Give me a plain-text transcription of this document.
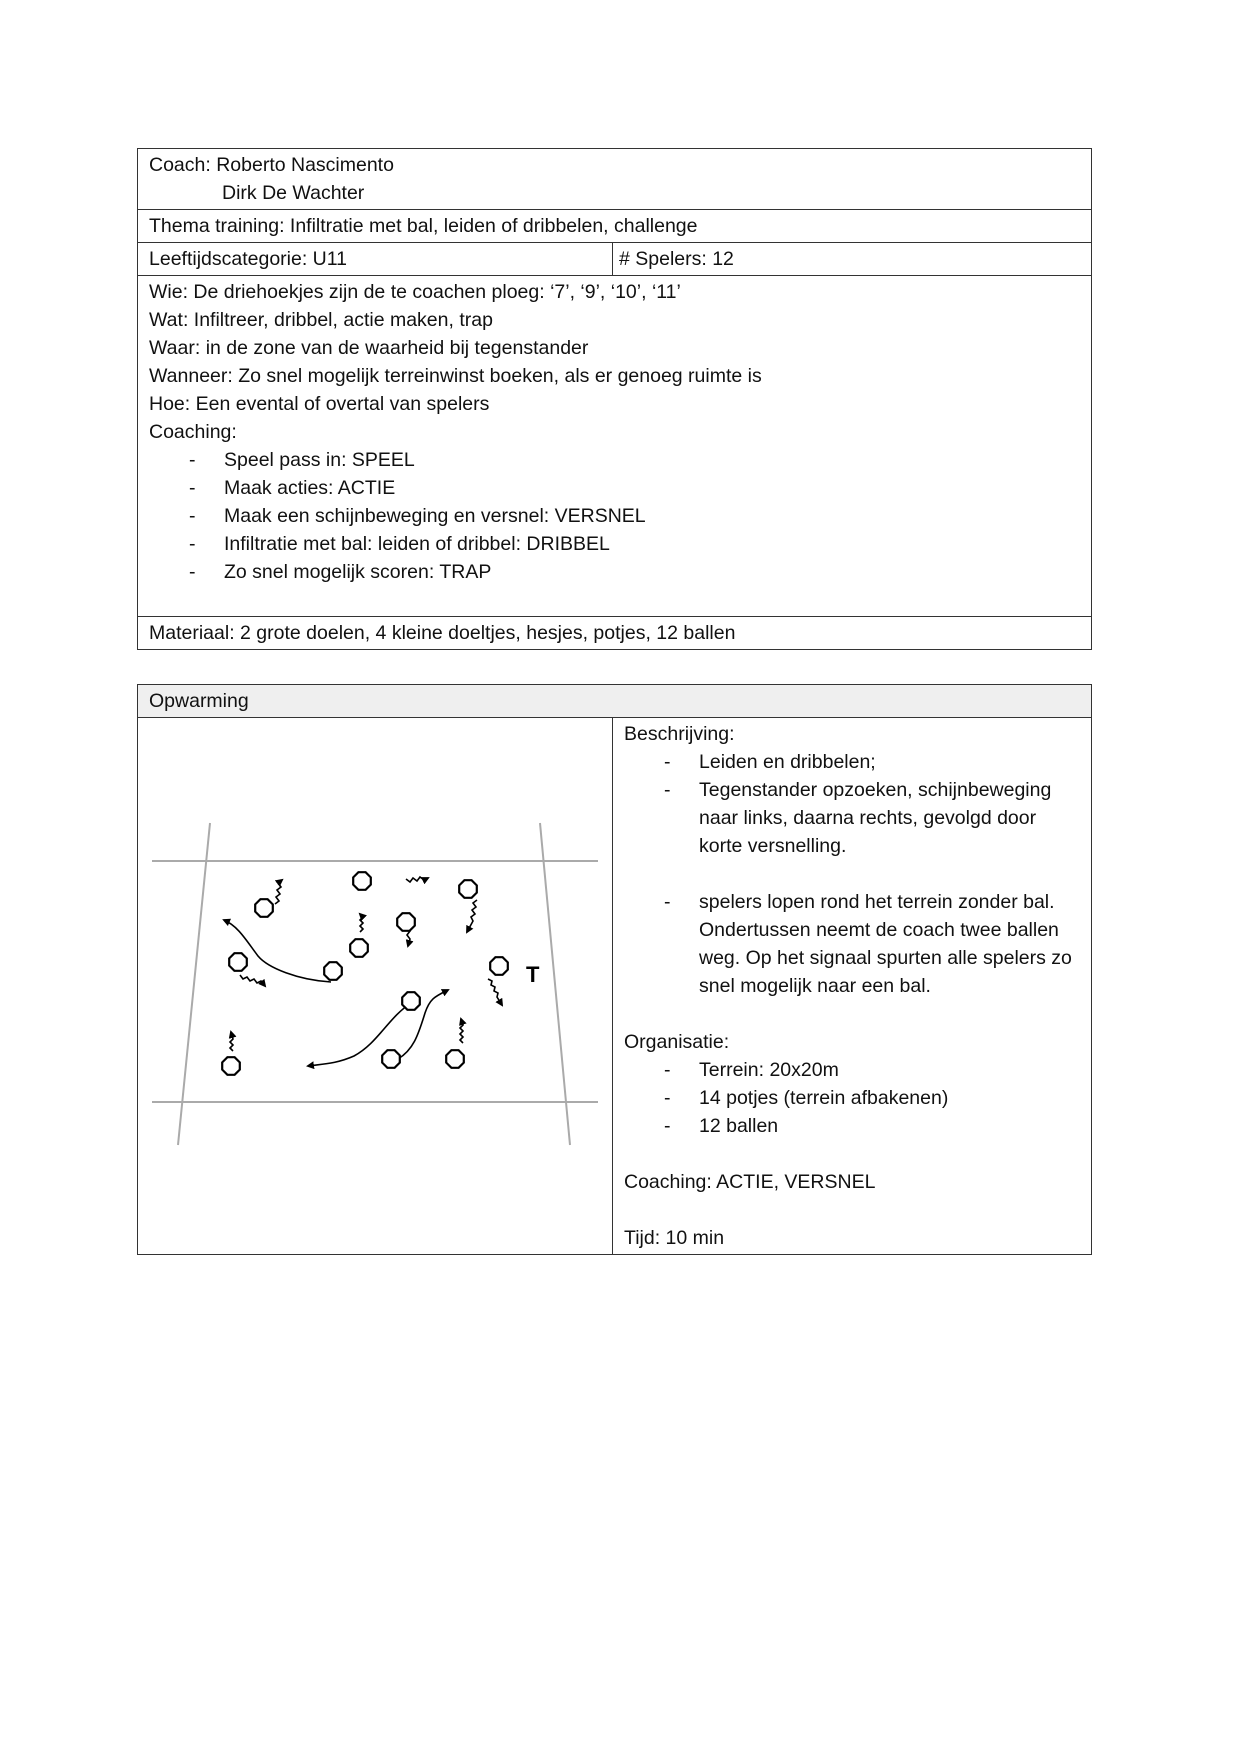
Coach: Roberto Nascimento
Dirk De Wachter

Thema training: Infiltratie met bal, leiden of dribbelen, challenge
Leeftijdscategorie: U11	# Spelers: 12

Wie: De driehoekjes zijn de te coachen ploeg: ‘7’, ‘9’, ‘10’, ‘11’
Wat: Infiltreer, dribbel, actie maken, trap
Waar: in de zone van de waarheid bij tegenstander
Wanneer: Zo snel mogelijk terreinwinst boeken, als er genoeg ruimte is
Hoe: Een evental of overtal van spelers
Coaching:
- Speel pass in: SPEEL
- Maak acties: ACTIE
- Maak een schijnbeweging en versnel: VERSNEL
- Infiltratie met bal: leiden of dribbel: DRIBBEL
- Zo snel mogelijk scoren: TRAP

Materiaal: 2 grote doelen, 4 kleine doeltjes, hesjes, potjes, 12 ballen
Opwarming

T

Beschrijving:
- Leiden en dribbelen;
- Tegenstander opzoeken, schijnbeweging naar links, daarna rechts, gevolgd door korte versnelling.
- spelers lopen rond het terrein zonder bal. Ondertussen neemt de coach twee ballen weg. Op het signaal spurten alle spelers zo snel mogelijk naar een bal.
Organisatie:
- Terrein: 20x20m
- 14 potjes (terrein afbakenen)
- 12 ballen
Coaching: ACTIE, VERSNEL
Tijd: 10 min
